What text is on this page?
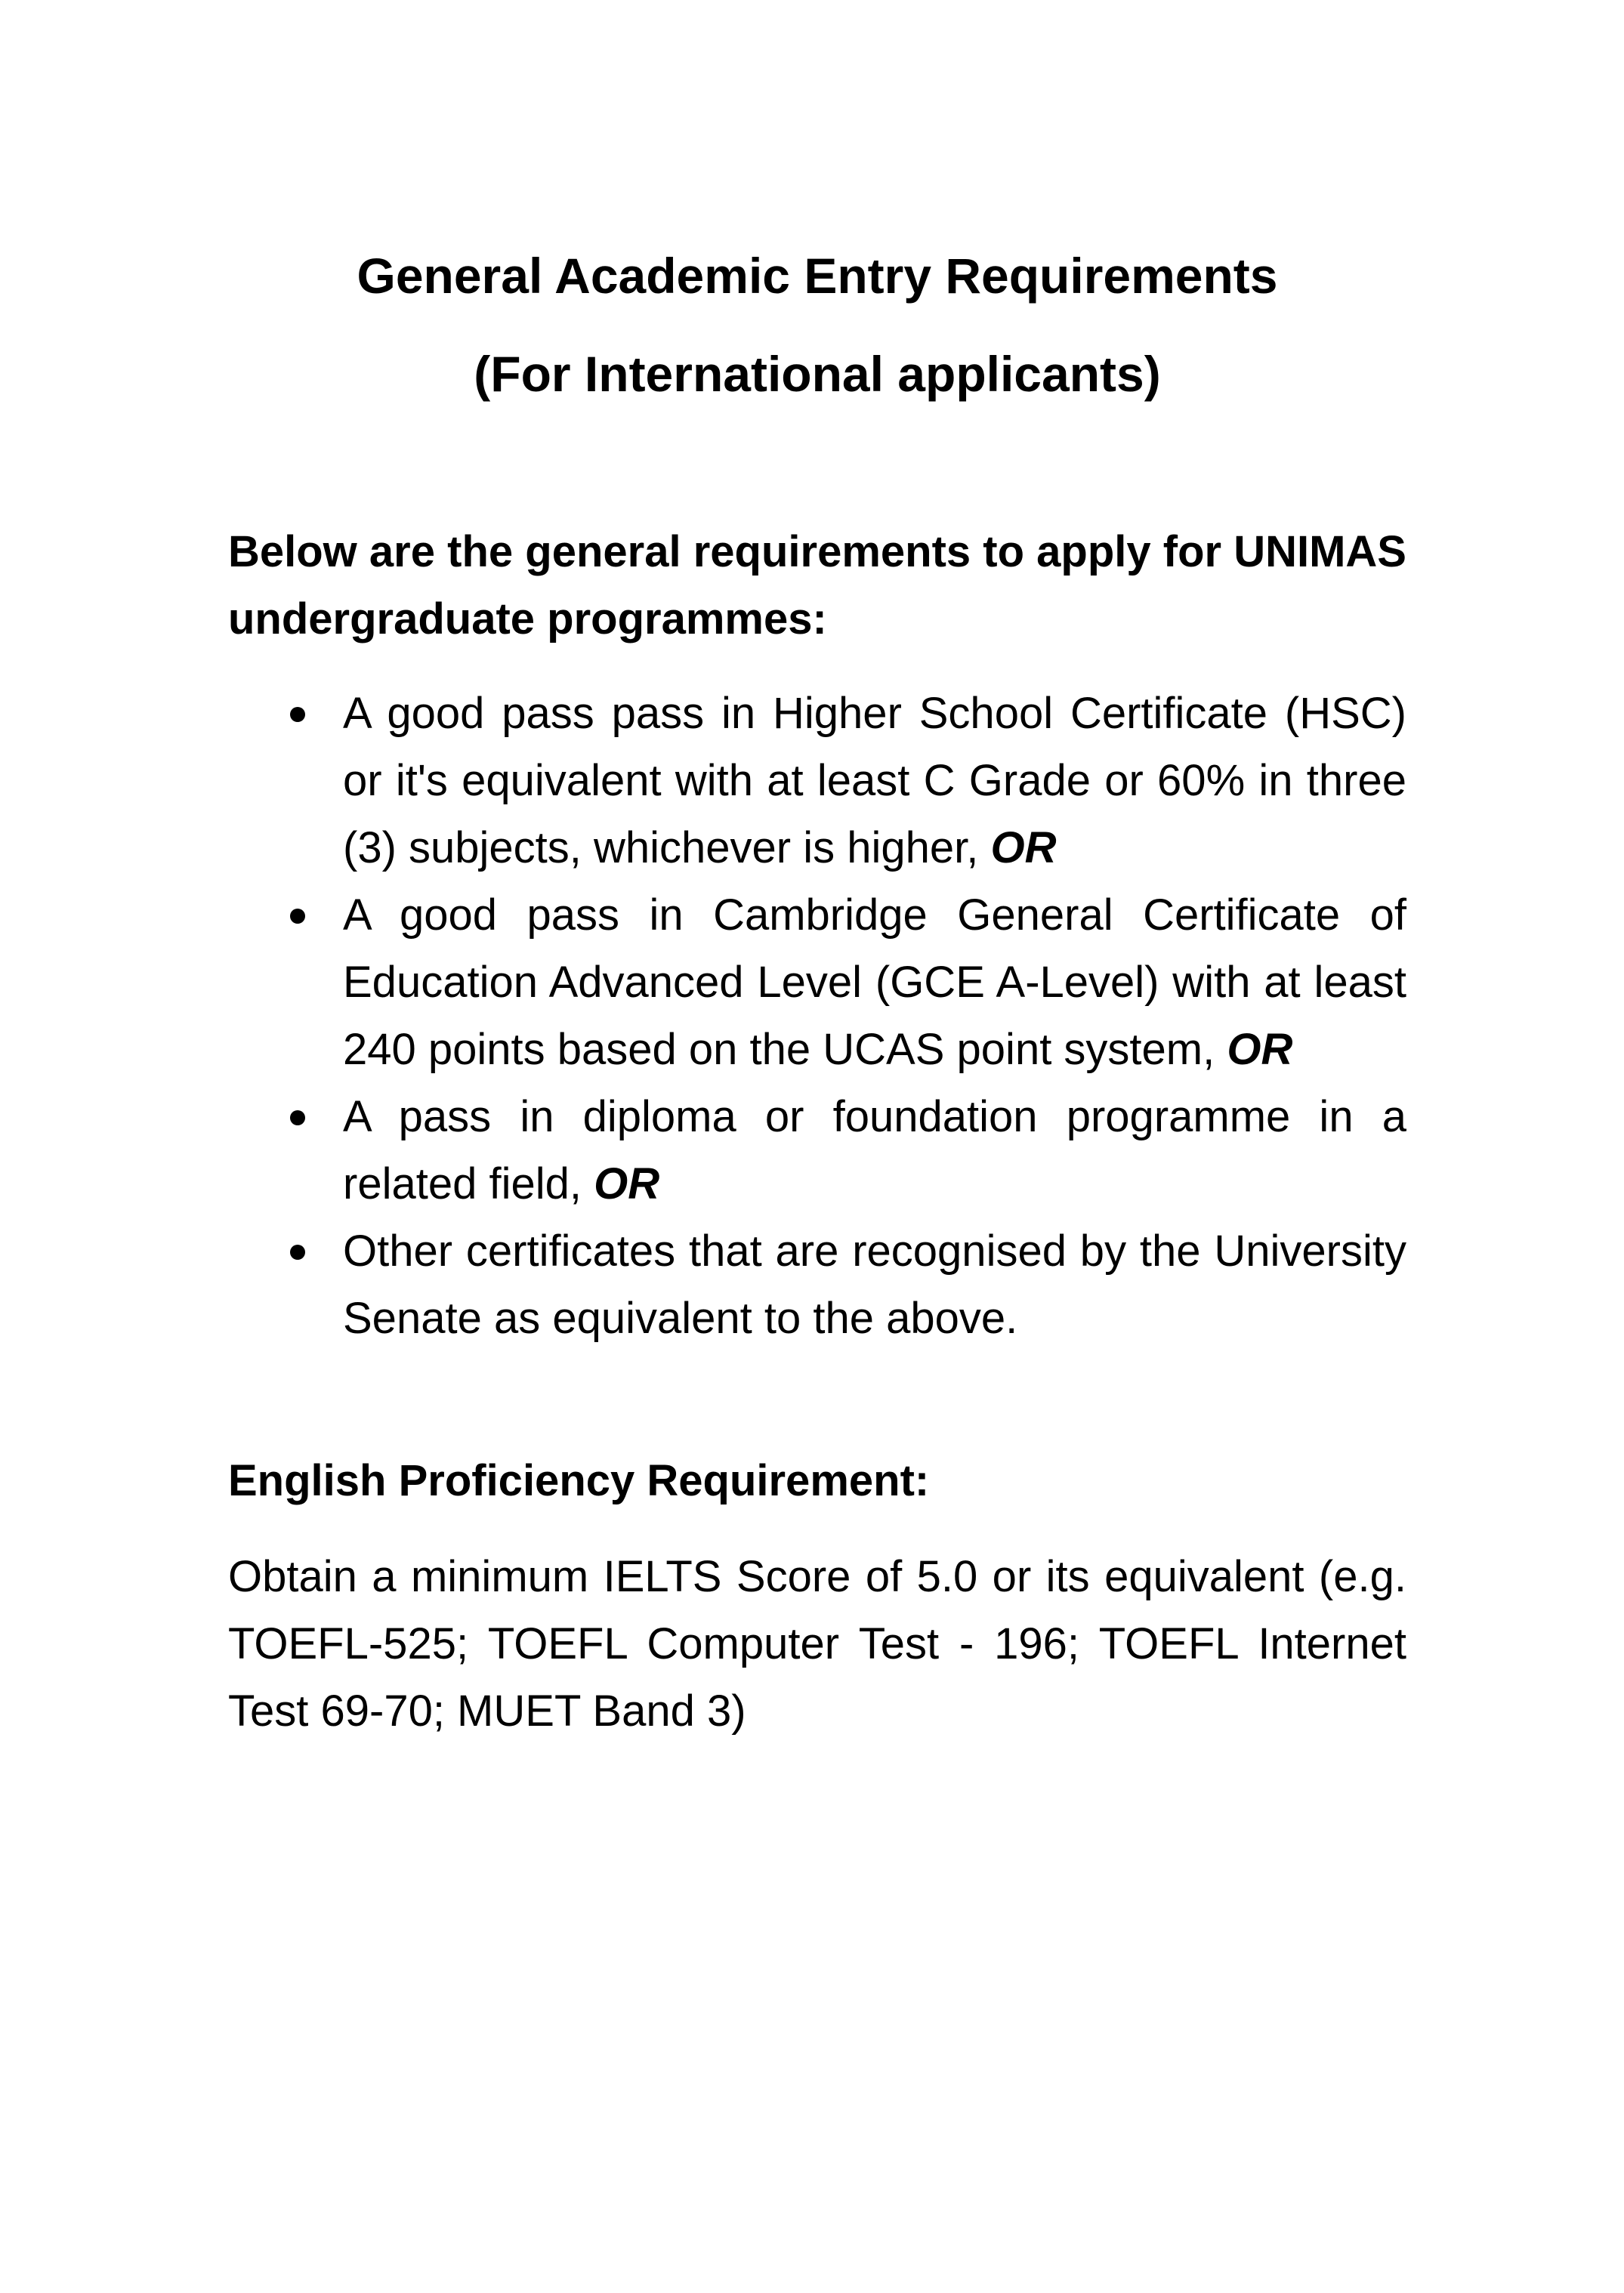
General Academic Entry Requirements

(For International applicants)

Below are the general requirements to apply for UNIMAS undergraduate programmes:

A good pass pass in Higher School Certificate (HSC) or it's equivalent with at least C Grade or 60% in three (3) subjects, whichever is higher, OR
A good pass in Cambridge General Certificate of Education Advanced Level (GCE A-Level) with at least 240 points based on the UCAS point system, OR
A pass in diploma or foundation programme in a related field, OR
Other certificates that are recognised by the University Senate as equivalent to the above.

English Proficiency Requirement:

Obtain a minimum IELTS Score of 5.0 or its equivalent (e.g. TOEFL-525; TOEFL Computer Test - 196; TOEFL Internet Test 69-70; MUET Band 3)
